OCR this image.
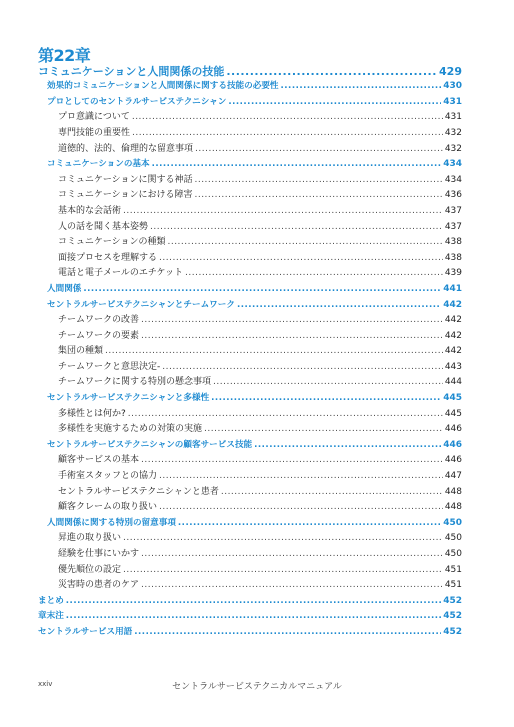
第22章
コミュニケーションと人間関係の技能 .....	429
効果的コミュニケーションと人間関係に関する技能の必要性 .....	430
プロとしてのセントラルサービステクニシャン .....	431
プロ意識について .....	431
専門技能の重要性 .....	432
道徳的、法的、倫理的な留意事項 .....	432
コミュニケーションの基本 .....	434
コミュニケーションに関する神話 .....	434
コミュニケーションにおける障害 .....	436
基本的な会話術 .....	437
人の話を聞く基本姿勢 .....	437
コミュニケーションの種類 .....	438
面接プロセスを理解する .....	438
電話と電子メールのエチケット .....	439
人間関係 .....	441
セントラルサービステクニシャンとチームワーク .....	442
チームワークの改善 .....	442
チームワークの要素 .....	442
集団の種類 .....	442
チームワークと意思決定- .....	443
チームワークに関する特別の懸念事項 .....	444
セントラルサービステクニシャンと多様性 .....	445
多様性とは何か? .....	445
多様性を実施するための対策の実施 .....	446
セントラルサービステクニシャンの顧客サービス技能 .....	446
顧客サービスの基本 .....	446
手術室スタッフとの協力 .....	447
セントラルサービステクニシャンと患者 .....	448
顧客クレームの取り扱い .....	448
人間関係に関する特別の留意事項 .....	450
昇進の取り扱い .....	450
経験を仕事にいかす .....	450
優先順位の設定 .....	451
災害時の患者のケア .....	451
まとめ .....	452
章末注 .....	452
セントラルサービス用語 .....	452
xxiv	セントラルサービステクニカルマニュアル
